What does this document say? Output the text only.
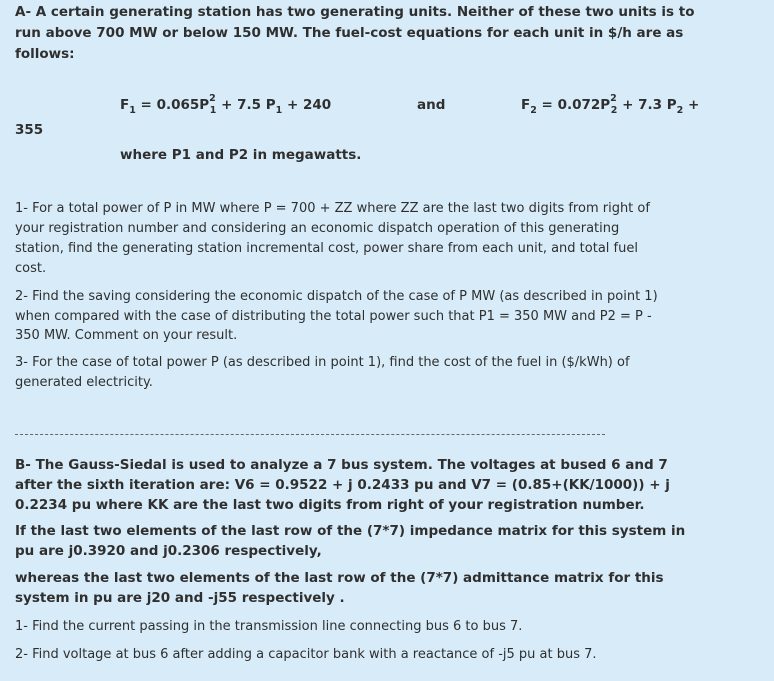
A- A certain generating station has two generating units. Neither of these two units is to

run above 700 MW or below 150 MW. The fuel-cost equations for each unit in $/h are as

follows:

$F_1 = 0.065P^2_1 + 7.5$ $P_1 + 240$	and	$F_2 = 0.072P^2_2 + 7.3$ $P_2$ +

355

where P1 and P2 in megawatts.

1- For a total power of P in MW where P = 700 + ZZ where ZZ are the last two digits from right of

your registration number and considering an economic dispatch operation of this generating

station, find the generating station incremental cost, power share from each unit, and total fuel

cost.

2- Find the saving considering the economic dispatch of the case of P MW (as described in point 1)

when compared with the case of distributing the total power such that P1 = 350 MW and P2 = P -

350 MW. Comment on your result.

3- For the case of total power P (as described in point 1), find the cost of the fuel in ($/kWh) of

generated electricity.

B- The Gauss-Siedal is used to analyze a 7 bus system. The voltages at bused 6 and 7

after the sixth iteration are: V6 = 0.9522 + j 0.2433 pu and V7 = (0.85+(KK/1000)) + j

0.2234 pu where KK are the last two digits from right of your registration number.

If the last two elements of the last row of the (7*7) impedance matrix for this system in

pu are j0.3920 and j0.2306 respectively,

whereas the last two elements of the last row of the (7*7) admittance matrix for this

system in pu are j20 and -j55 respectively .

1- Find the current passing in the transmission line connecting bus 6 to bus 7.

2- Find voltage at bus 6 after adding a capacitor bank with a reactance of -j5 pu at bus 7.
